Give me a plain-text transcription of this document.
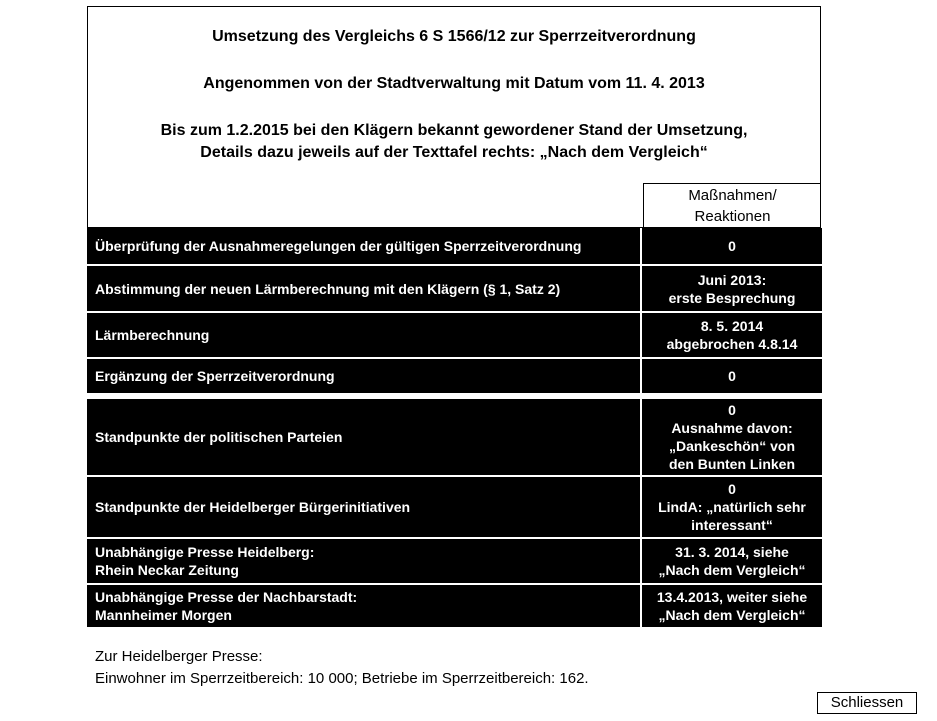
Umsetzung des Vergleichs 6 S 1566/12 zur Sperrzeitverordnung
Angenommen von der Stadtverwaltung mit Datum vom 11. 4. 2013
Bis zum 1.2.2015 bei den Klägern bekannt gewordener Stand der Umsetzung,
Details dazu jeweils auf der Texttafel rechts: „Nach dem Vergleich“
Maßnahmen/
Reaktionen
Überprüfung der Ausnahmeregelungen der gültigen Sperrzeitverordnung	0
Abstimmung der neuen Lärmberechnung mit den Klägern (§ 1, Satz 2)
Juni 2013:
erste Besprechung
Lärmberechnung
8. 5. 2014
abgebrochen 4.8.14
Ergänzung der Sperrzeitverordnung	0
Standpunkte der politischen Parteien
0
Ausnahme davon:
„Dankeschön“ von
den Bunten Linken
Standpunkte der Heidelberger Bürgerinitiativen
0
LindA: „natürlich sehr
interessant“
Unabhängige Presse Heidelberg:
Rhein Neckar Zeitung
31. 3. 2014, siehe
„Nach dem Vergleich“
Unabhängige Presse der Nachbarstadt:
Mannheimer Morgen
13.4.2013, weiter siehe
„Nach dem Vergleich“
Zur Heidelberger Presse:
Einwohner im Sperrzeitbereich: 10 000; Betriebe im Sperrzeitbereich: 162.
Schliessen
